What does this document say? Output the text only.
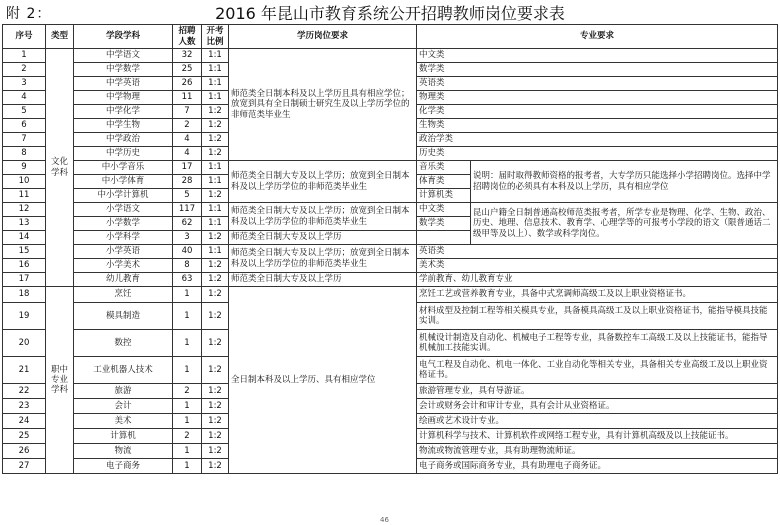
附 2：	2016 年昆山市教育系统公开招聘教师岗位要求表
序号	类型	学段学科	招聘人数	开考比例	学历岗位要求	专业要求	
1	文化学科	中学语文	32	1:1	师范类全日制本科及以上学历且具有相应学位；放宽到具有全日制硕士研究生及以上学历学位的非师范类毕业生	中文类	
2		中学数学	25	1:1		数学类	
3		中学英语	26	1:1		英语类	
4		中学物理	11	1:1		物理类	
5		中学化学	7	1:2		化学类	
6		中学生物	2	1:2		生物类	
7		中学政治	4	1:2		政治学类	
8		中学历史	4	1:2		历史类	
9		中小学音乐	17	1:1	师范类全日制大专及以上学历；放宽到全日制本科及以上学历学位的非师范类毕业生	音乐类	说明：届时取得教师资格的报考者，大专学历只能选择小学招聘岗位。选择中学招聘岗位的必须具有本科及以上学历，具有相应学位
10		中小学体育	28	1:1		体育类	
11		中小学计算机	5	1:2		计算机类	
12		小学语文	117	1:1	师范类全日制大专及以上学历；放宽到全日制本科及以上学历学位的非师范类毕业生	中文类	昆山户籍全日制普通高校师范类报考者，所学专业是物理、化学、生物、政治、历史、地理、信息技术、教育学、心理学等的可报考小学段的语文（限普通话二级甲等及以上）、数学或科学岗位。
13		小学数学	62	1:1		数学类	
14		小学科学	3	1:2	师范类全日制大专及以上学历		
15		小学英语	40	1:1	师范类全日制大专及以上学历；放宽到全日制本科及以上学历学位的非师范类毕业生	英语类	
16		小学美术	8	1:2		美术类	
17		幼儿教育	63	1:2	师范类全日制大专及以上学历	学前教育、幼儿教育专业	
18	职中专业学科	烹饪	1	1:2	全日制本科及以上学历、具有相应学位	烹饪工艺或营养教育专业，具备中式烹调师高级工及以上职业资格证书。	
19		模具制造	1	1:2		材料成型及控制工程等相关模具专业，具备模具高级工及以上职业资格证书，能指导模具技能实训。	
20		数控	1	1:2		机械设计制造及自动化、机械电子工程等专业，具备数控车工高级工及以上技能证书，能指导机械加工技能实训。	
21		工业机器人技术	1	1:2		电气工程及自动化、机电一体化、工业自动化等相关专业，具备相关专业高级工及以上职业资格证书。	
22		旅游	2	1:2		旅游管理专业，具有导游证。	
23		会计	1	1:2		会计或财务会计和审计专业，具有会计从业资格证。	
24		美术	1	1:2		绘画或艺术设计专业。	
25		计算机	2	1:2		计算机科学与技术、计算机软件或网络工程专业，具有计算机高级及以上技能证书。	
26		物流	1	1:2		物流或物流管理专业，具有助理物流师证。	
27		电子商务	1	1:2		电子商务或国际商务专业，具有助理电子商务证。	
46
